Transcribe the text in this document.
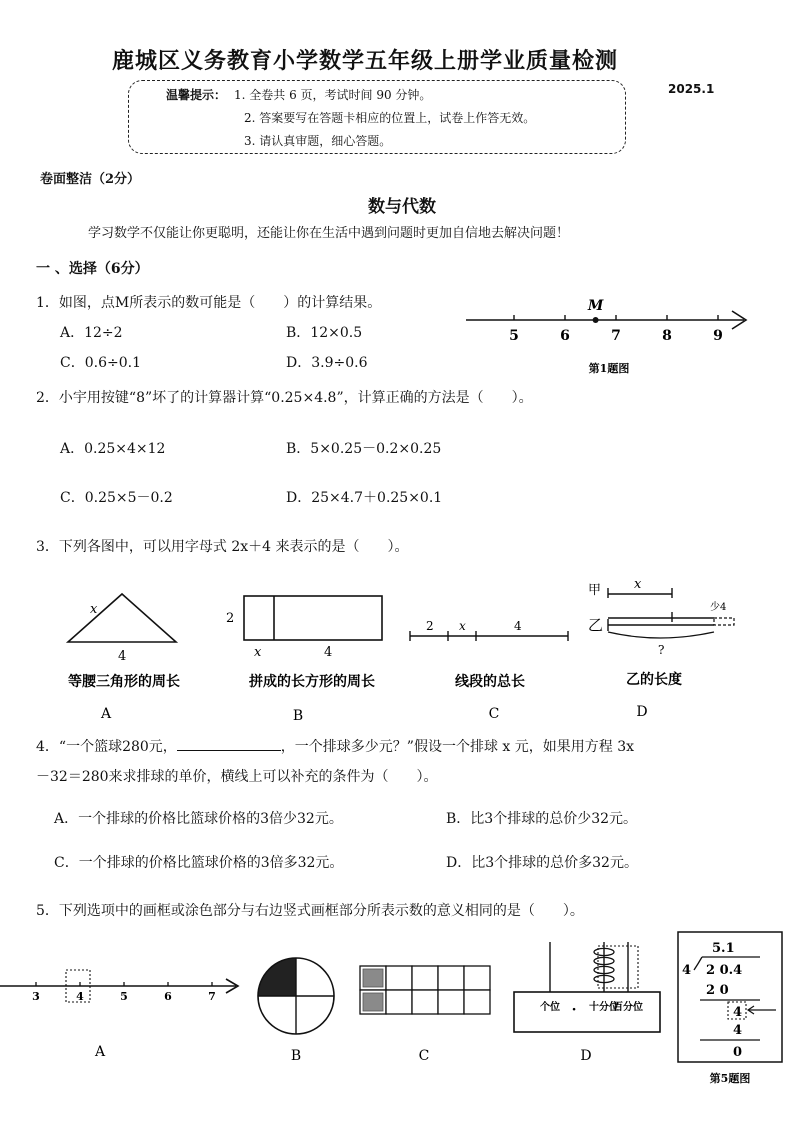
鹿城区义务教育小学数学五年级上册学业质量检测
温馨提示： 1. 全卷共 6 页，考试时间 90 分钟。
2. 答案要写在答题卡相应的位置上，试卷上作答无效。
3. 请认真审题，细心答题。
2025.1
卷面整洁（2分）
数与代数
学习数学不仅能让你更聪明，还能让你在生活中遇到问题时更加自信地去解决问题！
一 、选择（6分）
1．如图，点M所表示的数可能是（　　）的计算结果。
A．12÷2	B．12×0.5
C．0.6÷0.1	D．3.9÷0.6
5	6	7	8	9
M
第1题图
2．小宇用按键“8”坏了的计算器计算“0.25×4.8”，计算正确的方法是（　　）。
A．0.25×4×12	B．5×0.25－0.2×0.25
C．0.25×5－0.2	D．25×4.7＋0.25×0.1
3．下列各图中，可以用字母式 2x＋4 来表示的是（　　）。
x
4
等腰三角形的周长
A
2
x	4
拼成的长方形的周长
B
2 x	4
线段的总长
C
甲	x
乙
少4
?
乙的长度
D
4．“一个篮球280元，	，一个排球多少元？”假设一个排球 x 元，如果用方程 3x
－32＝280来求排球的单价，横线上可以补充的条件为（　　）。
A．一个排球的价格比篮球价格的3倍少32元。	B．比3个排球的总价少32元。
C．一个排球的价格比篮球价格的3倍多32元。	D．比3个排球的总价多32元。
5．下列选项中的画框或涂色部分与右边竖式画框部分所表示数的意义相同的是（　　）。
3	4	5	6	7
A	B	C
个位 · 十分位
百分位
D
5.1
4 2 0.4
2 0
4
4
0
第5题图
